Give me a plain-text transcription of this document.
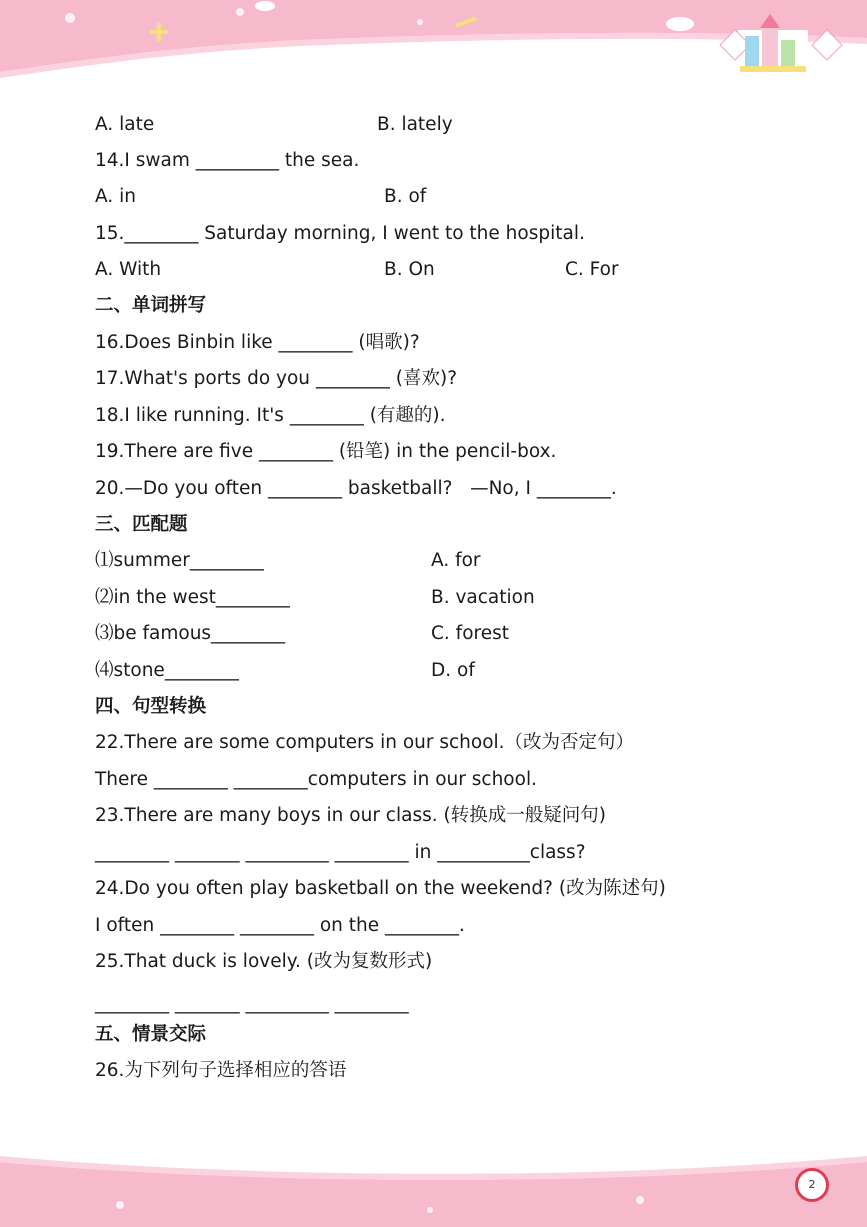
A. late

	B. lately

14.I swam _________ the sea.

A. in

	B. of

15.________ Saturday morning, I went to the hospital.

A. With

	B. On

	C. For

二、单词拼写
16.Does Binbin like ________ (唱歌)?
17.What's ports do you ________ (喜欢)?
18.I like running. It's ________ (有趣的).
19.There are five ________ (铅笔) in the pencil-box.
20.—Do you often ________ basketball?   —No, I ________.
三、匹配题

⑴summer________

	A. for

⑵in the west________

	B. vacation

⑶be famous________

	C. forest

⑷stone________

	D. of

四、句型转换
22.There are some computers in our school.（改为否定句）
There ________ ________computers in our school.
23.There are many boys in our class. (转换成一般疑问句)
________ _______ _________ ________ in __________class?
24.Do you often play basketball on the weekend? (改为陈述句)
I often ________ ________ on the ________.
25.That duck is lovely. (改为复数形式)
________ _______ _________ ________
五、情景交际
26.为下列句子选择相应的答语
2
